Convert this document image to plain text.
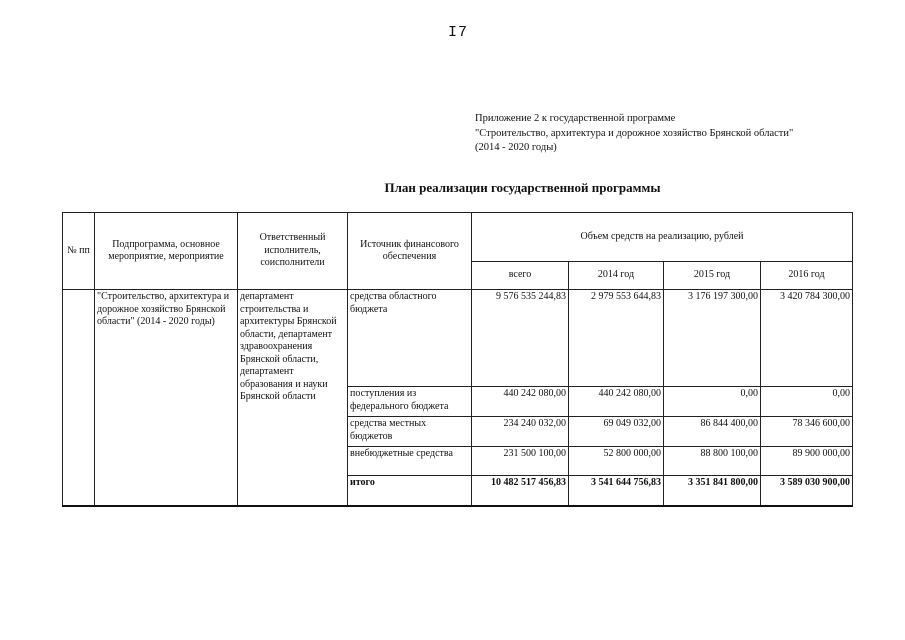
I7
Приложение 2 к государственной программе
"Строительство, архитектура и дорожное хозяйство Брянской области"
(2014 - 2020 годы)
План реализации государственной программы
№ пп	Подпрограмма, основное мероприятие, мероприятие	Ответственный исполнитель, соисполнители	Источник финансового обеспечения	Объем средств на реализацию, рублей			
				всего	2014 год	2015 год	2016 год
	"Строительство, архитектура и дорожное хозяйство Брянской области" (2014 - 2020 годы)	департамент строительства и архитектуры Брянской области, департамент здравоохранения Брянской области, департамент образования и науки Брянской области	средства областного бюджета	9 576 535 244,83	2 979 553 644,83	3 176 197 300,00	3 420 784 300,00
			поступления из федерального бюджета	440 242 080,00	440 242 080,00	0,00	0,00
			средства местных бюджетов	234 240 032,00	69 049 032,00	86 844 400,00	78 346 600,00
			внебюджетные средства	231 500 100,00	52 800 000,00	88 800 100,00	89 900 000,00
			итого	10 482 517 456,83	3 541 644 756,83	3 351 841 800,00	3 589 030 900,00
